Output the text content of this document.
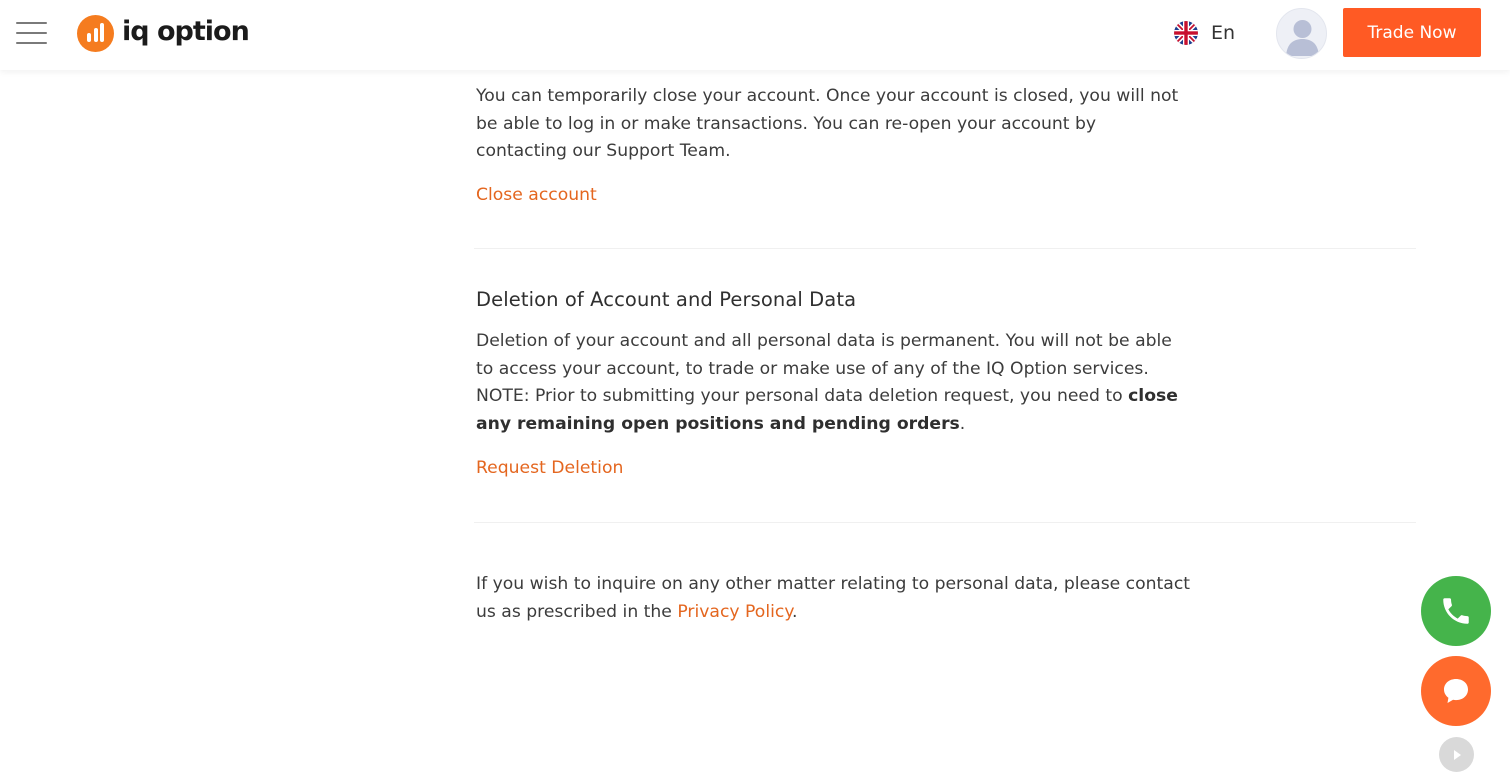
iq option	En	Trade Now

You can temporarily close your account. Once your account is closed, you will not
be able to log in or make transactions. You can re-open your account by
contacting our Support Team.

Close account
Deletion of Account and Personal Data

Deletion of your account and all personal data is permanent. You will not be able
to access your account, to trade or make use of any of the IQ Option services.
NOTE: Prior to submitting your personal data deletion request, you need to close
any remaining open positions and pending orders.

Request Deletion

If you wish to inquire on any other matter relating to personal data, please contact
us as prescribed in the Privacy Policy.
